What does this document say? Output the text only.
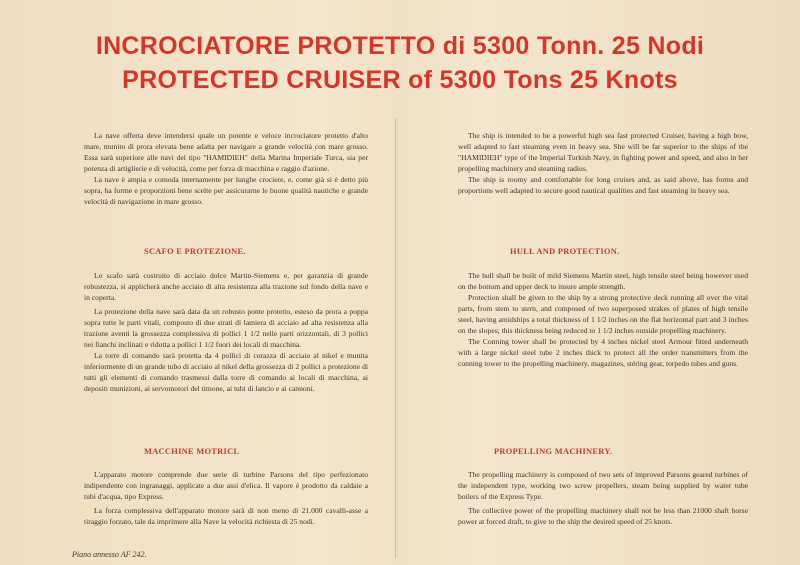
INCROCIATORE PROTETTO di 5300 Tonn. 25 Nodi
PROTECTED CRUISER of 5300 Tons 25 Knots

La nave offerta deve intendersi quale un potente e veloce incrociatore protetto d'alto mare, munito di prora elevata bene adatta per navigare a grande velocità con mare grosso. Essa sarà superiore alle navi del tipo "HAMIDIEH" della Marina Imperiale Turca, sia per potenza di artiglierie e di velocità, come per forza di macchina e raggio d'azione.

La nave è ampia e comoda internamente per lunghe crociere, e, come già si è detto più sopra, ha forme e proporzioni bene scelte per assicurarne le buone qualità nautiche e grande velocità di navigazione in mare grosso.

SCAFO E PROTEZIONE.

Lo scafo sarà costruito di acciaio dolce Martin-Siemens e, per garanzia di grande robustezza, si applicherà anche acciaio di alta resistenza alla trazione sul fondo della nave e in coperta.

La protezione della nave sarà data da un robusto ponte protetto, esteso da prora a poppa sopra tutte le parti vitali, composto di due strati di lamiera di acciaio ad alta resistenza alla trazione aventi la grossezza complessiva di pollici 1 1/2 nelle parti orizzontali, di 3 pollici nei fianchi inclinati e ridotta a pollici 1 1/2 fuori dei locali di macchina.

La torre di comando sarà protetta da 4 pollici di corazza di acciaio al nikel e munita inferiormente di un grande tubo di acciaio al nikel della grossezza di 2 pollici a protezione di tutti gli elementi di comando trasmessi dalla torre di comando ai locali di macchina, ai depositi munizioni, ai servomotori del timone, ai tubi di lancio e ai cannoni.

MACCHINE MOTRICI.

L'apparato motore comprende due serie di turbine Parsons del tipo perfezionato indipendente con ingranaggi, applicate a due assi d'elica. Il vapore è prodotto da caldaie a tubi d'acqua, tipo Express.

La forza complessiva dell'apparato motore sarà di non meno di 21.000 cavalli-asse a tiraggio forzato, tale da imprimere alla Nave la velocità richiesta di 25 nodi.

The ship is intended to be a powerful high sea fast protected Cruiser, having a high bow, well adapted to fast steaming even in heavy sea. She will be far superior to the ships of the "HAMIDIEH" type of the Imperial Turkish Navy, in fighting power and speed, and also in her propelling machinery and steaming radius.

The ship is roomy and comfortable for long cruises and, as said above, has forms and proportions well adapted to secure good nautical qualities and fast steaming in heavy sea.

HULL AND PROTECTION.

The hull shall be built of mild Siemens Martin steel, high tensile steel being however used on the bottom and upper deck to insure ample strength.

Protection shall be given to the ship by a strong protective deck running all over the vital parts, from stem to stern, and composed of two superposed strakes of plates of high tensile steel, having amidships a total thickness of 1 1/2 inches on the flat horizontal part and 3 inches on the slopes; this thickness being reduced to 1 1/2 inches outside propelling machinery.

The Conning tower shall be protected by 4 inches nickel steel Armour fitted underneath with a large nickel steel tube 2 inches thick to protect all the order transmitters from the conning tower to the propelling machinery, magazines, stéring gear, torpedo tubes and guns.

PROPELLING MACHINERY.

The propelling machinery is composed of two sets of improved Parsons geared turbines of the independent type, working two screw propellers, steam being supplied by water tube boilers of the Express Type.

The collective power of the propelling machinery shall not be less than 21000 shaft horse power at forced draft, to give to the ship the desired speed of 25 knots.

Piano annesso AF 242.
